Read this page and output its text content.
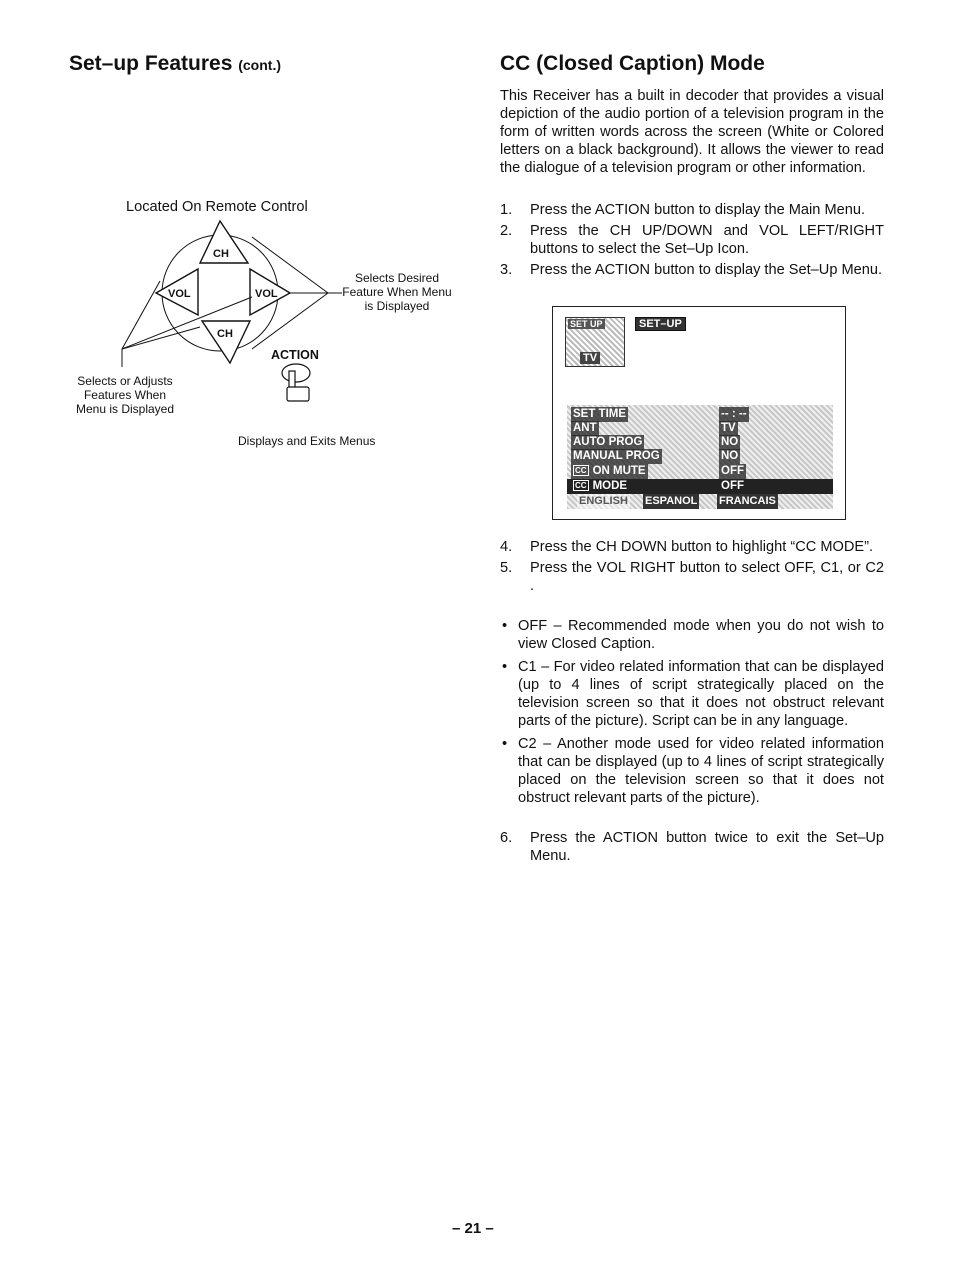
Set–up Features (cont.)	CC (Closed Caption) Mode

This Receiver has a built in decoder that provides a visual depiction of the audio portion of a television program in the form of written words across the screen (White or Colored letters on a black background). It allows the viewer to read the dialogue of a television program or other information.

1. Press the ACTION button to display the Main Menu.
2. Press the CH UP/DOWN and VOL LEFT/RIGHT buttons to select the Set–Up Icon.
3. Press the ACTION button to display the Set–Up Menu.
SET UP
TV
SET–UP
SET TIME	-- : --
ANT	TV
AUTO PROG	NO
MANUAL PROG	NO
CC ON MUTE	OFF
CC MODE	OFF
ENGLISH ESPANOL FRANCAIS
4. Press the CH DOWN button to highlight “CC MODE”.
5. Press the VOL RIGHT button to select OFF, C1, or C2 .
• OFF – Recommended mode when you do not wish to view Closed Caption.
• C1 – For video related information that can be displayed (up to 4 lines of script strategically placed on the television screen so that it does not obstruct relevant parts of the picture). Script can be in any language.
• C2 – Another mode used for video related information that can be displayed (up to 4 lines of script strategically placed on the television screen so that it does not obstruct relevant parts of the picture).
6. Press the ACTION button twice to exit the Set–Up Menu.
Located On Remote Control
CH
CH
VOL	VOL
Selects Desired Feature When Menu is Displayed
Selects or Adjusts Features When Menu is Displayed
ACTION
Displays and Exits Menus
– 21 –
